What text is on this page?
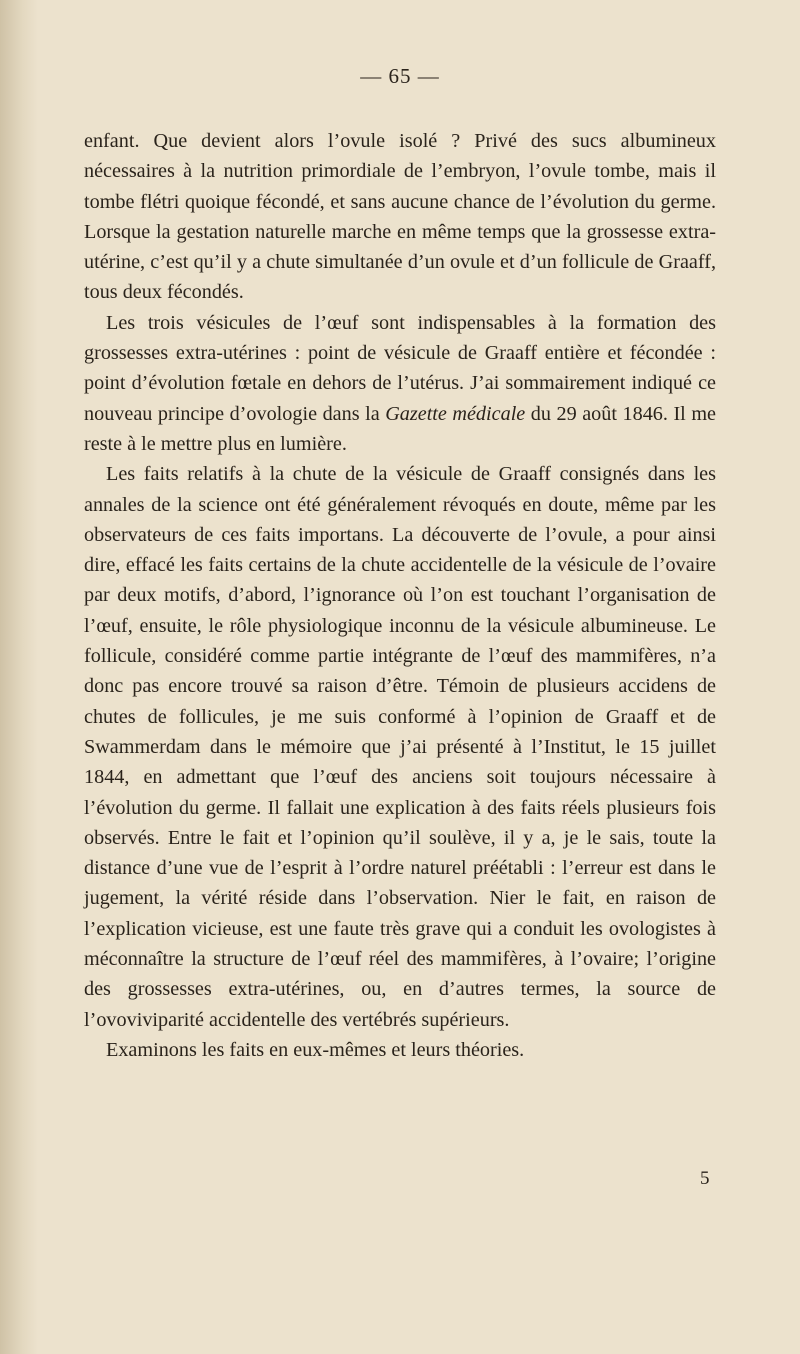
— 65 —

enfant. Que devient alors l’ovule isolé ? Privé des sucs albumineux nécessaires à la nutrition primordiale de l’embryon, l’ovule tombe, mais il tombe flétri quoique fécondé, et sans aucune chance de l’évolution du germe. Lorsque la gestation naturelle marche en même temps que la grossesse extra-utérine, c’est qu’il y a chute simultanée d’un ovule et d’un follicule de Graaff, tous deux fécondés.

Les trois vésicules de l’œuf sont indispensables à la formation des grossesses extra-utérines : point de vésicule de Graaff entière et fécondée : point d’évolution fœtale en dehors de l’utérus. J’ai sommairement indiqué ce nouveau principe d’ovologie dans la Gazette médicale du 29 août 1846. Il me reste à le mettre plus en lumière.

Les faits relatifs à la chute de la vésicule de Graaff consignés dans les annales de la science ont été généralement révoqués en doute, même par les observateurs de ces faits importans. La découverte de l’ovule, a pour ainsi dire, effacé les faits certains de la chute accidentelle de la vésicule de l’ovaire par deux motifs, d’abord, l’ignorance où l’on est touchant l’organisation de l’œuf, ensuite, le rôle physiologique inconnu de la vésicule albumineuse. Le follicule, considéré comme partie intégrante de l’œuf des mammifères, n’a donc pas encore trouvé sa raison d’être. Témoin de plusieurs accidens de chutes de follicules, je me suis conformé à l’opinion de Graaff et de Swammerdam dans le mémoire que j’ai présenté à l’Institut, le 15 juillet 1844, en admettant que l’œuf des anciens soit toujours nécessaire à l’évolution du germe. Il fallait une explication à des faits réels plusieurs fois observés. Entre le fait et l’opinion qu’il soulève, il y a, je le sais, toute la distance d’une vue de l’esprit à l’ordre naturel préétabli : l’erreur est dans le jugement, la vérité réside dans l’observation. Nier le fait, en raison de l’explication vicieuse, est une faute très grave qui a conduit les ovologistes à méconnaître la structure de l’œuf réel des mammifères, à l’ovaire; l’origine des grossesses extra-utérines, ou, en d’autres termes, la source de l’ovoviviparité accidentelle des vertébrés supérieurs.

Examinons les faits en eux-mêmes et leurs théories.

5
